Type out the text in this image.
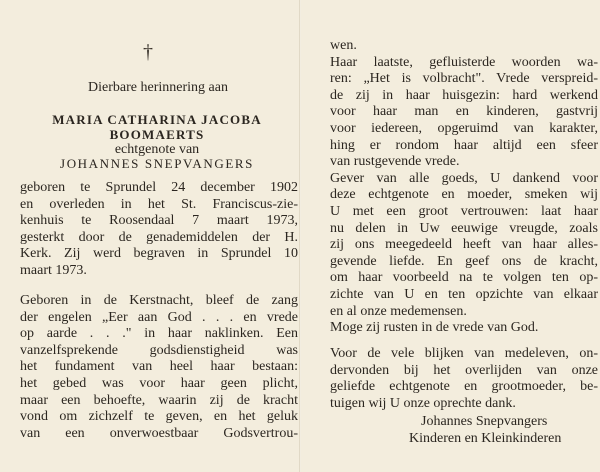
†
Dierbare herinnering aan
MARIA CATHARINA JACOBA
BOOMAERTS
echtgenote van
JOHANNES SNEPVANGERS
geboren te Sprundel 24 december 1902
en overleden in het St. Franciscus-zie-
kenhuis te Roosendaal 7 maart 1973,
gesterkt door de genademiddelen der H.
Kerk. Zij werd begraven in Sprundel 10
maart 1973.
Geboren in de Kerstnacht, bleef de zang
der engelen „Eer aan God . . . en vrede
op aarde . . ." in haar naklinken. Een
vanzelfsprekende godsdienstigheid was
het fundament van heel haar bestaan:
het gebed was voor haar geen plicht,
maar een behoefte, waarin zij de kracht
vond om zichzelf te geven, en het geluk
van een onverwoestbaar Godsvertrou-
wen.
Haar laatste, gefluisterde woorden wa-
ren: „Het is volbracht". Vrede verspreid-
de zij in haar huisgezin: hard werkend
voor haar man en kinderen, gastvrij
voor iedereen, opgeruimd van karakter,
hing er rondom haar altijd een sfeer
van rustgevende vrede.
Gever van alle goeds, U dankend voor
deze echtgenote en moeder, smeken wij
U met een groot vertrouwen: laat haar
nu delen in Uw eeuwige vreugde, zoals
zij ons meegedeeld heeft van haar alles-
gevende liefde. En geef ons de kracht,
om haar voorbeeld na te volgen ten op-
zichte van U en ten opzichte van elkaar
en al onze medemensen.
Moge zij rusten in de vrede van God.
Voor de vele blijken van medeleven, on-
dervonden bij het overlijden van onze
geliefde echtgenote en grootmoeder, be-
tuigen wij U onze oprechte dank.
Johannes Snepvangers
Kinderen en Kleinkinderen
